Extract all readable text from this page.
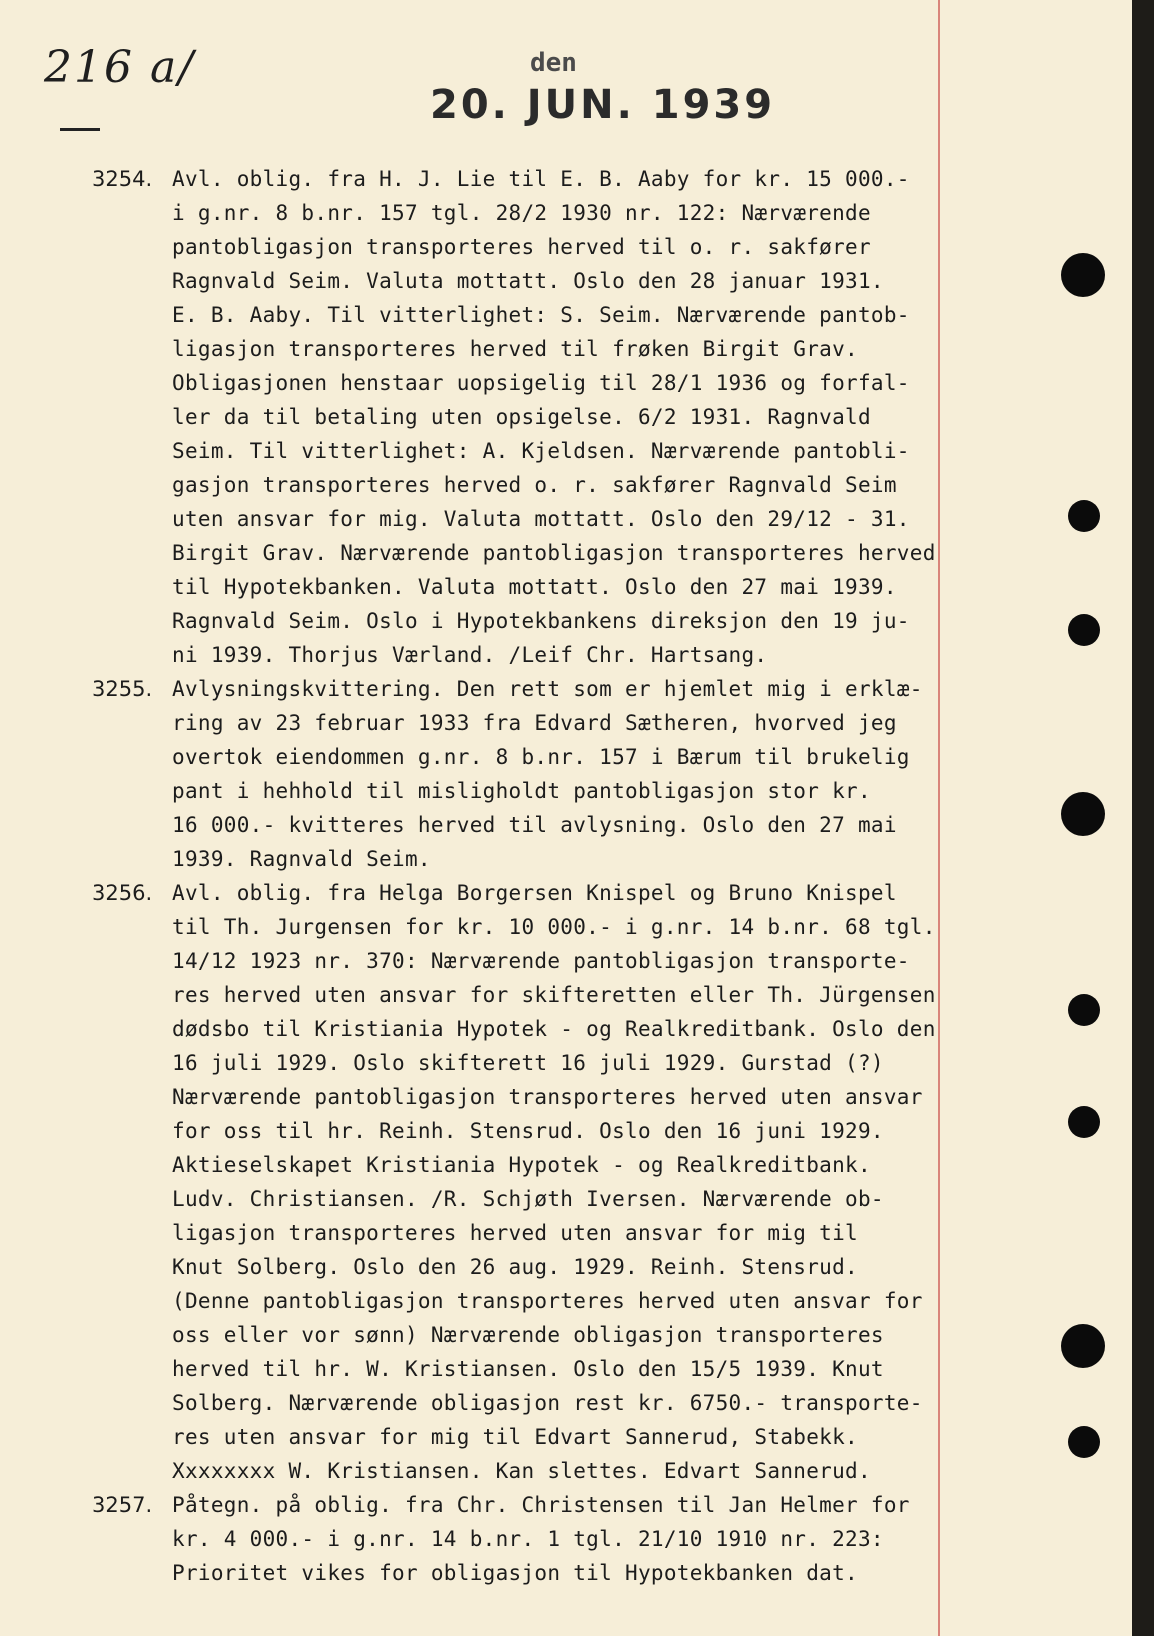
216 a/	den
20. JUN. 1939
3254. Avl. oblig. fra H. J. Lie til E. B. Aaby for kr. 15 000.-
i g.nr. 8 b.nr. 157 tgl. 28/2 1930 nr. 122: Nærværende
pantobligasjon transporteres herved til o. r. sakfører
Ragnvald Seim. Valuta mottatt. Oslo den 28 januar 1931.
E. B. Aaby. Til vitterlighet: S. Seim. Nærværende pantob-
ligasjon transporteres herved til frøken Birgit Grav.
Obligasjonen henstaar uopsigelig til 28/1 1936 og forfal-
ler da til betaling uten opsigelse. 6/2 1931. Ragnvald
Seim. Til vitterlighet: A. Kjeldsen. Nærværende pantobli-
gasjon transporteres herved o. r. sakfører Ragnvald Seim
uten ansvar for mig. Valuta mottatt. Oslo den 29/12 - 31.
Birgit Grav. Nærværende pantobligasjon transporteres herved
til Hypotekbanken. Valuta mottatt. Oslo den 27 mai 1939.
Ragnvald Seim. Oslo i Hypotekbankens direksjon den 19 ju-
ni 1939. Thorjus Værland. /Leif Chr. Hartsang.
3255. Avlysningskvittering. Den rett som er hjemlet mig i erklæ-
ring av 23 februar 1933 fra Edvard Sætheren, hvorved jeg
overtok eiendommen g.nr. 8 b.nr. 157 i Bærum til brukelig
pant i hehhold til misligholdt pantobligasjon stor kr.
16 000.- kvitteres herved til avlysning. Oslo den 27 mai
1939. Ragnvald Seim.
3256. Avl. oblig. fra Helga Borgersen Knispel og Bruno Knispel
til Th. Jurgensen for kr. 10 000.- i g.nr. 14 b.nr. 68 tgl.
14/12 1923 nr. 370: Nærværende pantobligasjon transporte-
res herved uten ansvar for skifteretten eller Th. Jürgensen
dødsbo til Kristiania Hypotek - og Realkreditbank. Oslo den
16 juli 1929. Oslo skifterett 16 juli 1929. Gurstad (?)
Nærværende pantobligasjon transporteres herved uten ansvar
for oss til hr. Reinh. Stensrud. Oslo den 16 juni 1929.
Aktieselskapet Kristiania Hypotek - og Realkreditbank.
Ludv. Christiansen. /R. Schjøth Iversen. Nærværende ob-
ligasjon transporteres herved uten ansvar for mig til
Knut Solberg. Oslo den 26 aug. 1929. Reinh. Stensrud.
(Denne pantobligasjon transporteres herved uten ansvar for
oss eller vor sønn) Nærværende obligasjon transporteres
herved til hr. W. Kristiansen. Oslo den 15/5 1939. Knut
Solberg. Nærværende obligasjon rest kr. 6750.- transporte-
res uten ansvar for mig til Edvart Sannerud, Stabekk.
Xxxxxxxx W. Kristiansen. Kan slettes. Edvart Sannerud.
3257. Påtegn. på oblig. fra Chr. Christensen til Jan Helmer for
kr. 4 000.- i g.nr. 14 b.nr. 1 tgl. 21/10 1910 nr. 223:
Prioritet vikes for obligasjon til Hypotekbanken dat.
